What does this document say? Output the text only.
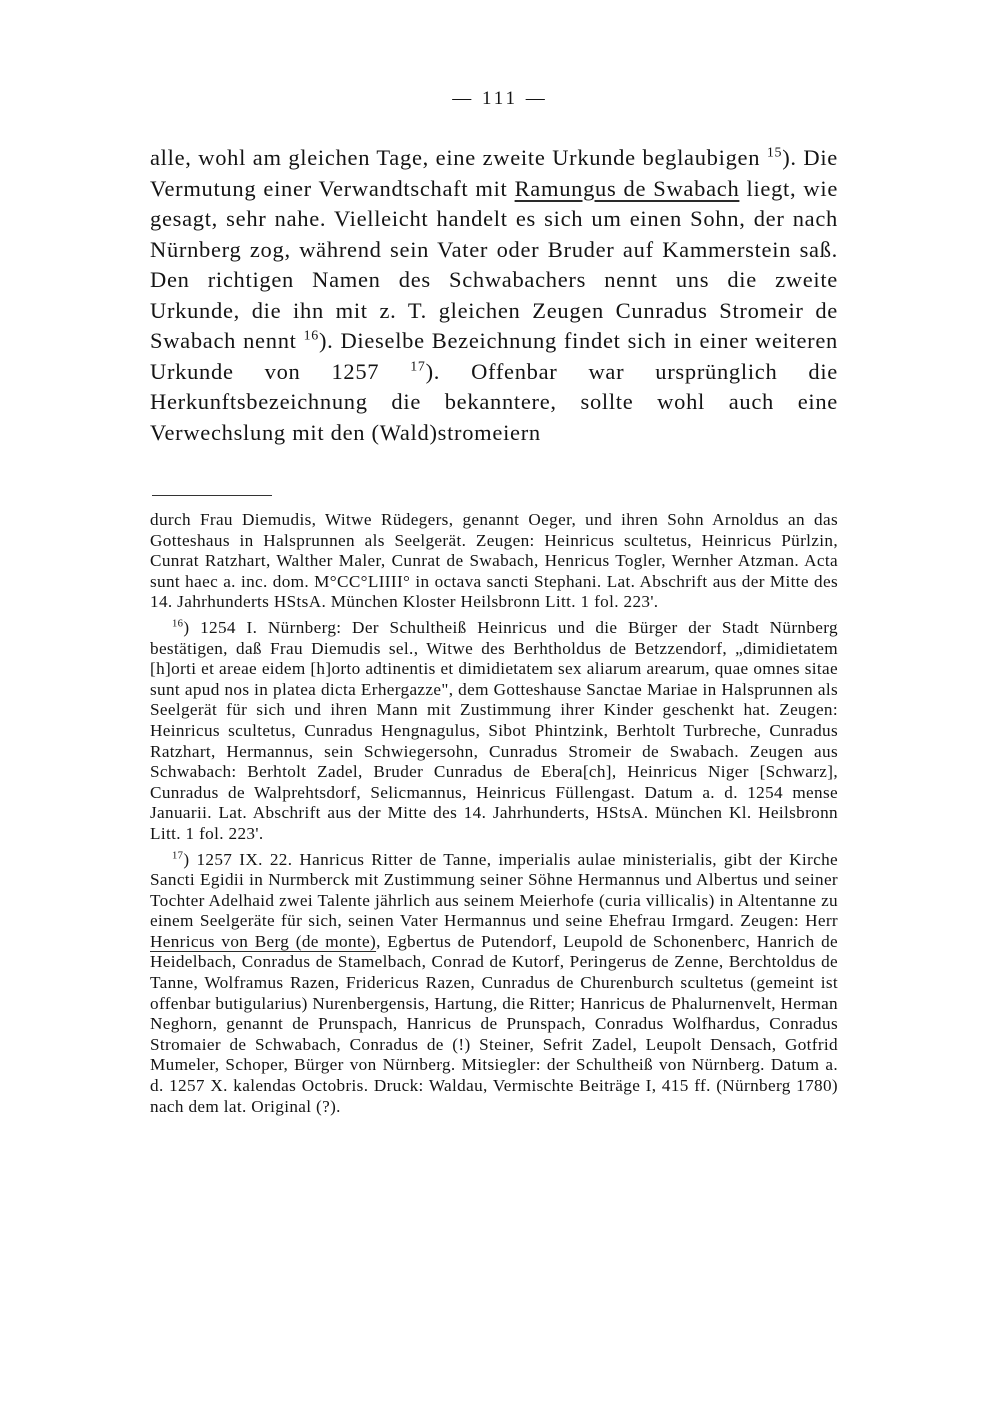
— 111 —

alle, wohl am gleichen Tage, eine zweite Urkunde beglaubigen $^{15}$). Die Vermutung einer Verwandtschaft mit Ramungus de Swabach liegt, wie gesagt, sehr nahe. Vielleicht handelt es sich um einen Sohn, der nach Nürnberg zog, während sein Vater oder Bruder auf Kammerstein saß. Den richtigen Namen des Schwabachers nennt uns die zweite Urkunde, die ihn mit z. T. gleichen Zeugen Cunradus Stromeir de Swabach nennt $^{16}$). Dieselbe Bezeichnung findet sich in einer weiteren Urkunde von 1257 $^{17}$). Offenbar war ursprünglich die Herkunftsbezeichnung die bekanntere, sollte wohl auch eine Verwechslung mit den (Wald)stromeiern

durch Frau Diemudis, Witwe Rüdegers, genannt Oeger, und ihren Sohn Arnoldus an das Gotteshaus in Halsprunnen als Seelgerät. Zeugen: Heinricus scultetus, Heinricus Pürlzin, Cunrat Ratzhart, Walther Maler, Cunrat de Swabach, Henricus Togler, Wernher Atzman. Acta sunt haec a. inc. dom. M°CC°LIIII° in octava sancti Stephani. Lat. Abschrift aus der Mitte des 14. Jahrhunderts HStsA. München Kloster Heilsbronn Litt. 1 fol. 223'.

$^{16}$) 1254 I. Nürnberg: Der Schultheiß Heinricus und die Bürger der Stadt Nürnberg bestätigen, daß Frau Diemudis sel., Witwe des Berhtholdus de Betzzendorf, „dimidietatem [h]orti et areae eidem [h]orto adtinentis et dimidietatem sex aliarum arearum, quae omnes sitae sunt apud nos in platea dicta Erhergazze", dem Gotteshause Sanctae Mariae in Halsprunnen als Seelgerät für sich und ihren Mann mit Zustimmung ihrer Kinder geschenkt hat. Zeugen: Heinricus scultetus, Cunradus Hengnagulus, Sibot Phintzink, Berhtolt Turbreche, Cunradus Ratzhart, Hermannus, sein Schwiegersohn, Cunradus Stromeir de Swabach. Zeugen aus Schwabach: Berhtolt Zadel, Bruder Cunradus de Ebera[ch], Heinricus Niger [Schwarz], Cunradus de Walprehtsdorf, Selicmannus, Heinricus Füllengast. Datum a. d. 1254 mense Januarii. Lat. Abschrift aus der Mitte des 14. Jahrhunderts, HStsA. München Kl. Heilsbronn Litt. 1 fol. 223'.

$^{17}$) 1257 IX. 22. Hanricus Ritter de Tanne, imperialis aulae ministerialis, gibt der Kirche Sancti Egidii in Nurmberck mit Zustimmung seiner Söhne Hermannus und Albertus und seiner Tochter Adelhaid zwei Talente jährlich aus seinem Meierhofe (curia villicalis) in Altentanne zu einem Seelgeräte für sich, seinen Vater Hermannus und seine Ehefrau Irmgard. Zeugen: Herr Henricus von Berg (de monte), Egbertus de Putendorf, Leupold de Schonenberc, Hanrich de Heidelbach, Conradus de Stamelbach, Conrad de Kutorf, Peringerus de Zenne, Berchtoldus de Tanne, Wolframus Razen, Fridericus Razen, Cunradus de Churenburch scultetus (gemeint ist offenbar butigularius) Nurenbergensis, Hartung, die Ritter; Hanricus de Phalurnenvelt, Herman Neghorn, genannt de Prunspach, Hanricus de Prunspach, Conradus Wolfhardus, Conradus Stromaier de Schwabach, Conradus de (!) Steiner, Sefrit Zadel, Leupolt Densach, Gotfrid Mumeler, Schoper, Bürger von Nürnberg. Mitsiegler: der Schultheiß von Nürnberg. Datum a. d. 1257 X. kalendas Octobris. Druck: Waldau, Vermischte Beiträge I, 415 ff. (Nürnberg 1780) nach dem lat. Original (?).
